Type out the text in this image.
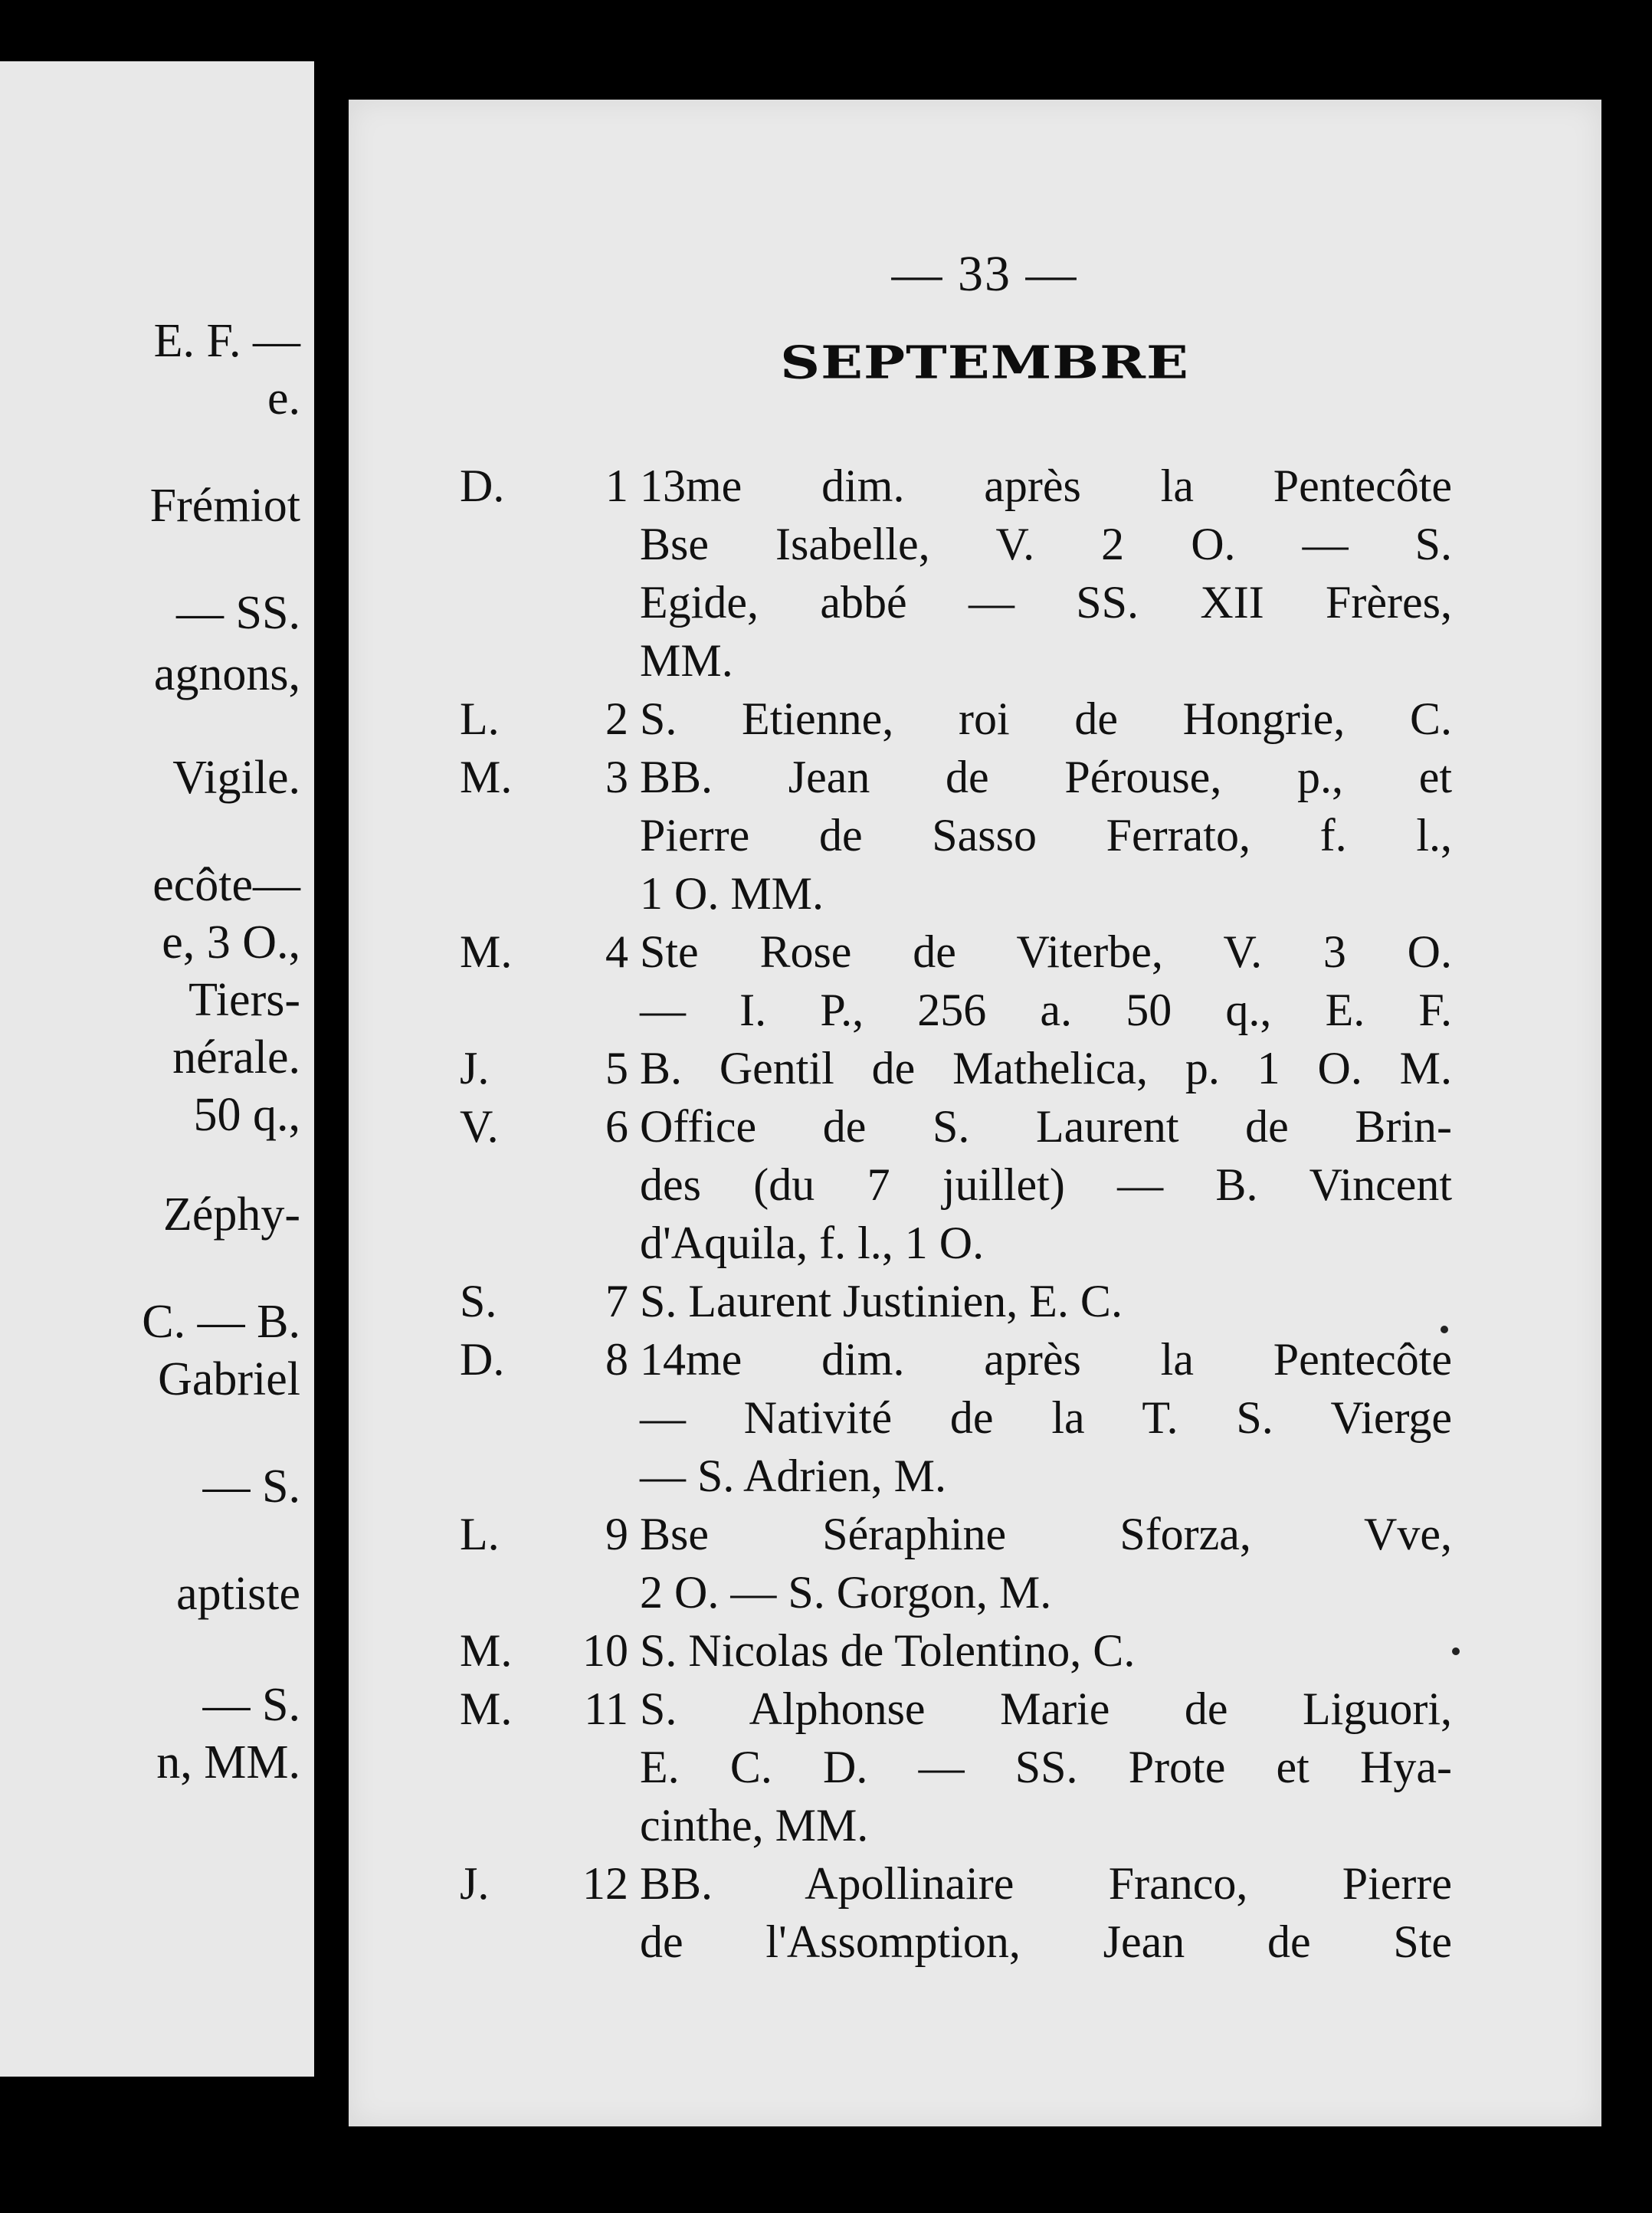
E. F. —
e.
Frémiot
— SS.
agnons,
Vigile.
ecôte—
e, 3 O.,
Tiers-
nérale.
50 q.,
Zéphy-
C. — B.
Gabriel
— S.
aptiste
— S.
n, MM.
— 33 —
SEPTEMBRE
D.	1 13me dim. après la Pentecôte
Bse Isabelle, V. 2 O. — S.
Egide, abbé — SS. XII Frères,
MM.
L.	2 S. Etienne, roi de Hongrie, C.
M.	3 BB. Jean de Pérouse, p., et
Pierre de Sasso Ferrato, f. l.,
1 O. MM.
M.	4 Ste Rose de Viterbe, V. 3 O.
— I. P., 256 a. 50 q., E. F.
J.	5 B. Gentil de Mathelica, p. 1 O. M.
V.	6 Office de S. Laurent de Brin-
des (du 7 juillet) — B. Vincent
d'Aquila, f. l., 1 O.
S.	7 S. Laurent Justinien, E. C.
D.	8 14me dim. après la Pentecôte
— Nativité de la T. S. Vierge
— S. Adrien, M.
L.	9 Bse Séraphine Sforza, Vve,
2 O. — S. Gorgon, M.
M.	10 S. Nicolas de Tolentino, C.
M.	11 S. Alphonse Marie de Liguori,
E. C. D. — SS. Prote et Hya-
cinthe, MM.
J.	12 BB. Apollinaire Franco, Pierre
de l'Assomption, Jean de Ste
